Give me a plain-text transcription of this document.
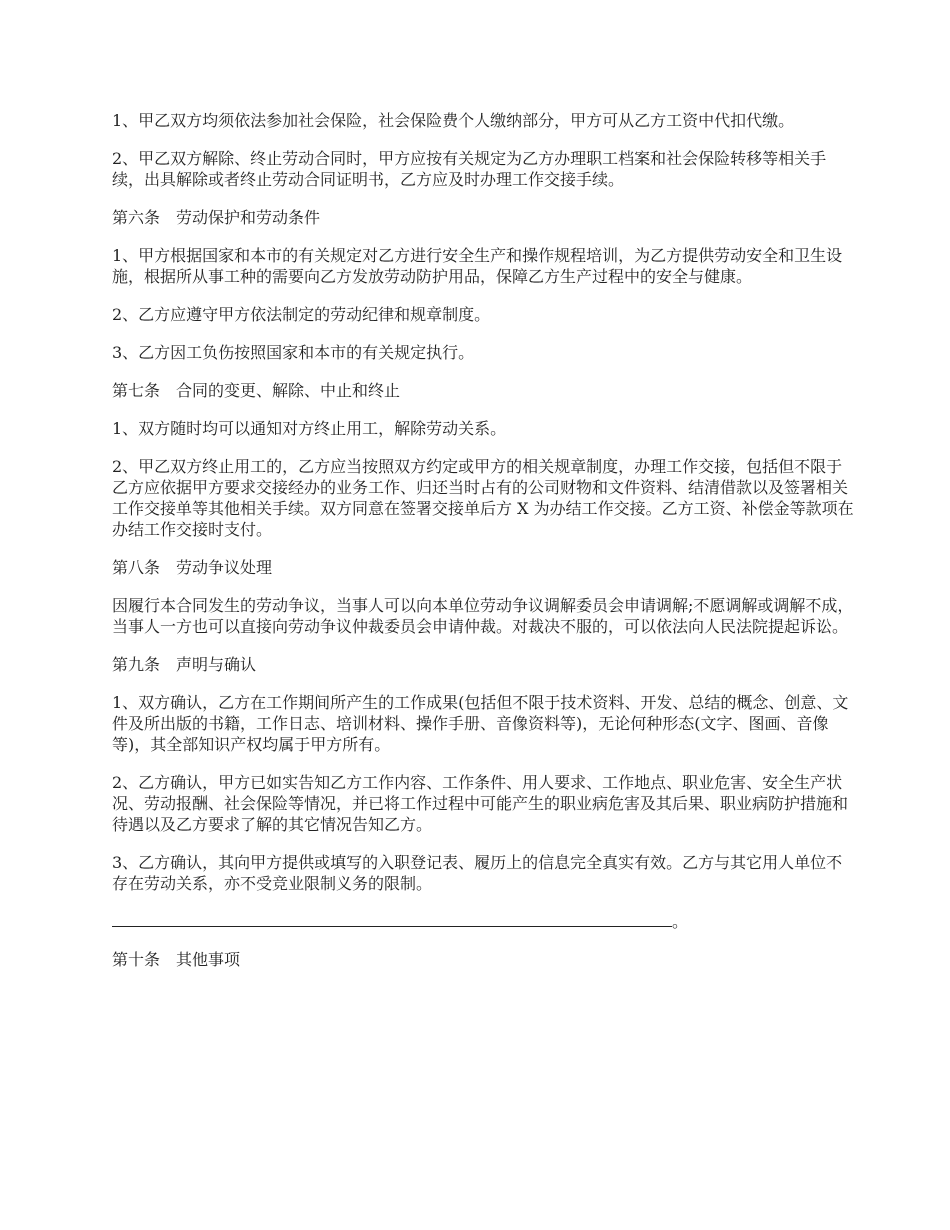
1、甲乙双方均须依法参加社会保险，社会保险费个人缴纳部分，甲方可从乙方工资中代扣代缴。

2、甲乙双方解除、终止劳动合同时，甲方应按有关规定为乙方办理职工档案和社会保险转移等相关手续，出具解除或者终止劳动合同证明书，乙方应及时办理工作交接手续。

第六条　劳动保护和劳动条件

1、甲方根据国家和本市的有关规定对乙方进行安全生产和操作规程培训，为乙方提供劳动安全和卫生设施，根据所从事工种的需要向乙方发放劳动防护用品，保障乙方生产过程中的安全与健康。

2、乙方应遵守甲方依法制定的劳动纪律和规章制度。

3、乙方因工负伤按照国家和本市的有关规定执行。

第七条　合同的变更、解除、中止和终止

1、双方随时均可以通知对方终止用工，解除劳动关系。

2、甲乙双方终止用工的，乙方应当按照双方约定或甲方的相关规章制度，办理工作交接，包括但不限于乙方应依据甲方要求交接经办的业务工作、归还当时占有的公司财物和文件资料、结清借款以及签署相关工作交接单等其他相关手续。双方同意在签署交接单后方 X 为办结工作交接。乙方工资、补偿金等款项在办结工作交接时支付。

第八条　劳动争议处理

因履行本合同发生的劳动争议，当事人可以向本单位劳动争议调解委员会申请调解;不愿调解或调解不成，当事人一方也可以直接向劳动争议仲裁委员会申请仲裁。对裁决不服的，可以依法向人民法院提起诉讼。

第九条　声明与确认

1、双方确认，乙方在工作期间所产生的工作成果(包括但不限于技术资料、开发、总结的概念、创意、文件及所出版的书籍，工作日志、培训材料、操作手册、音像资料等)，无论何种形态(文字、图画、音像等)，其全部知识产权均属于甲方所有。

2、乙方确认，甲方已如实告知乙方工作内容、工作条件、用人要求、工作地点、职业危害、安全生产状况、劳动报酬、社会保险等情况，并已将工作过程中可能产生的职业病危害及其后果、职业病防护措施和待遇以及乙方要求了解的其它情况告知乙方。

3、乙方确认，其向甲方提供或填写的入职登记表、履历上的信息完全真实有效。乙方与其它用人单位不存在劳动关系，亦不受竞业限制义务的限制。

。

第十条　其他事项
